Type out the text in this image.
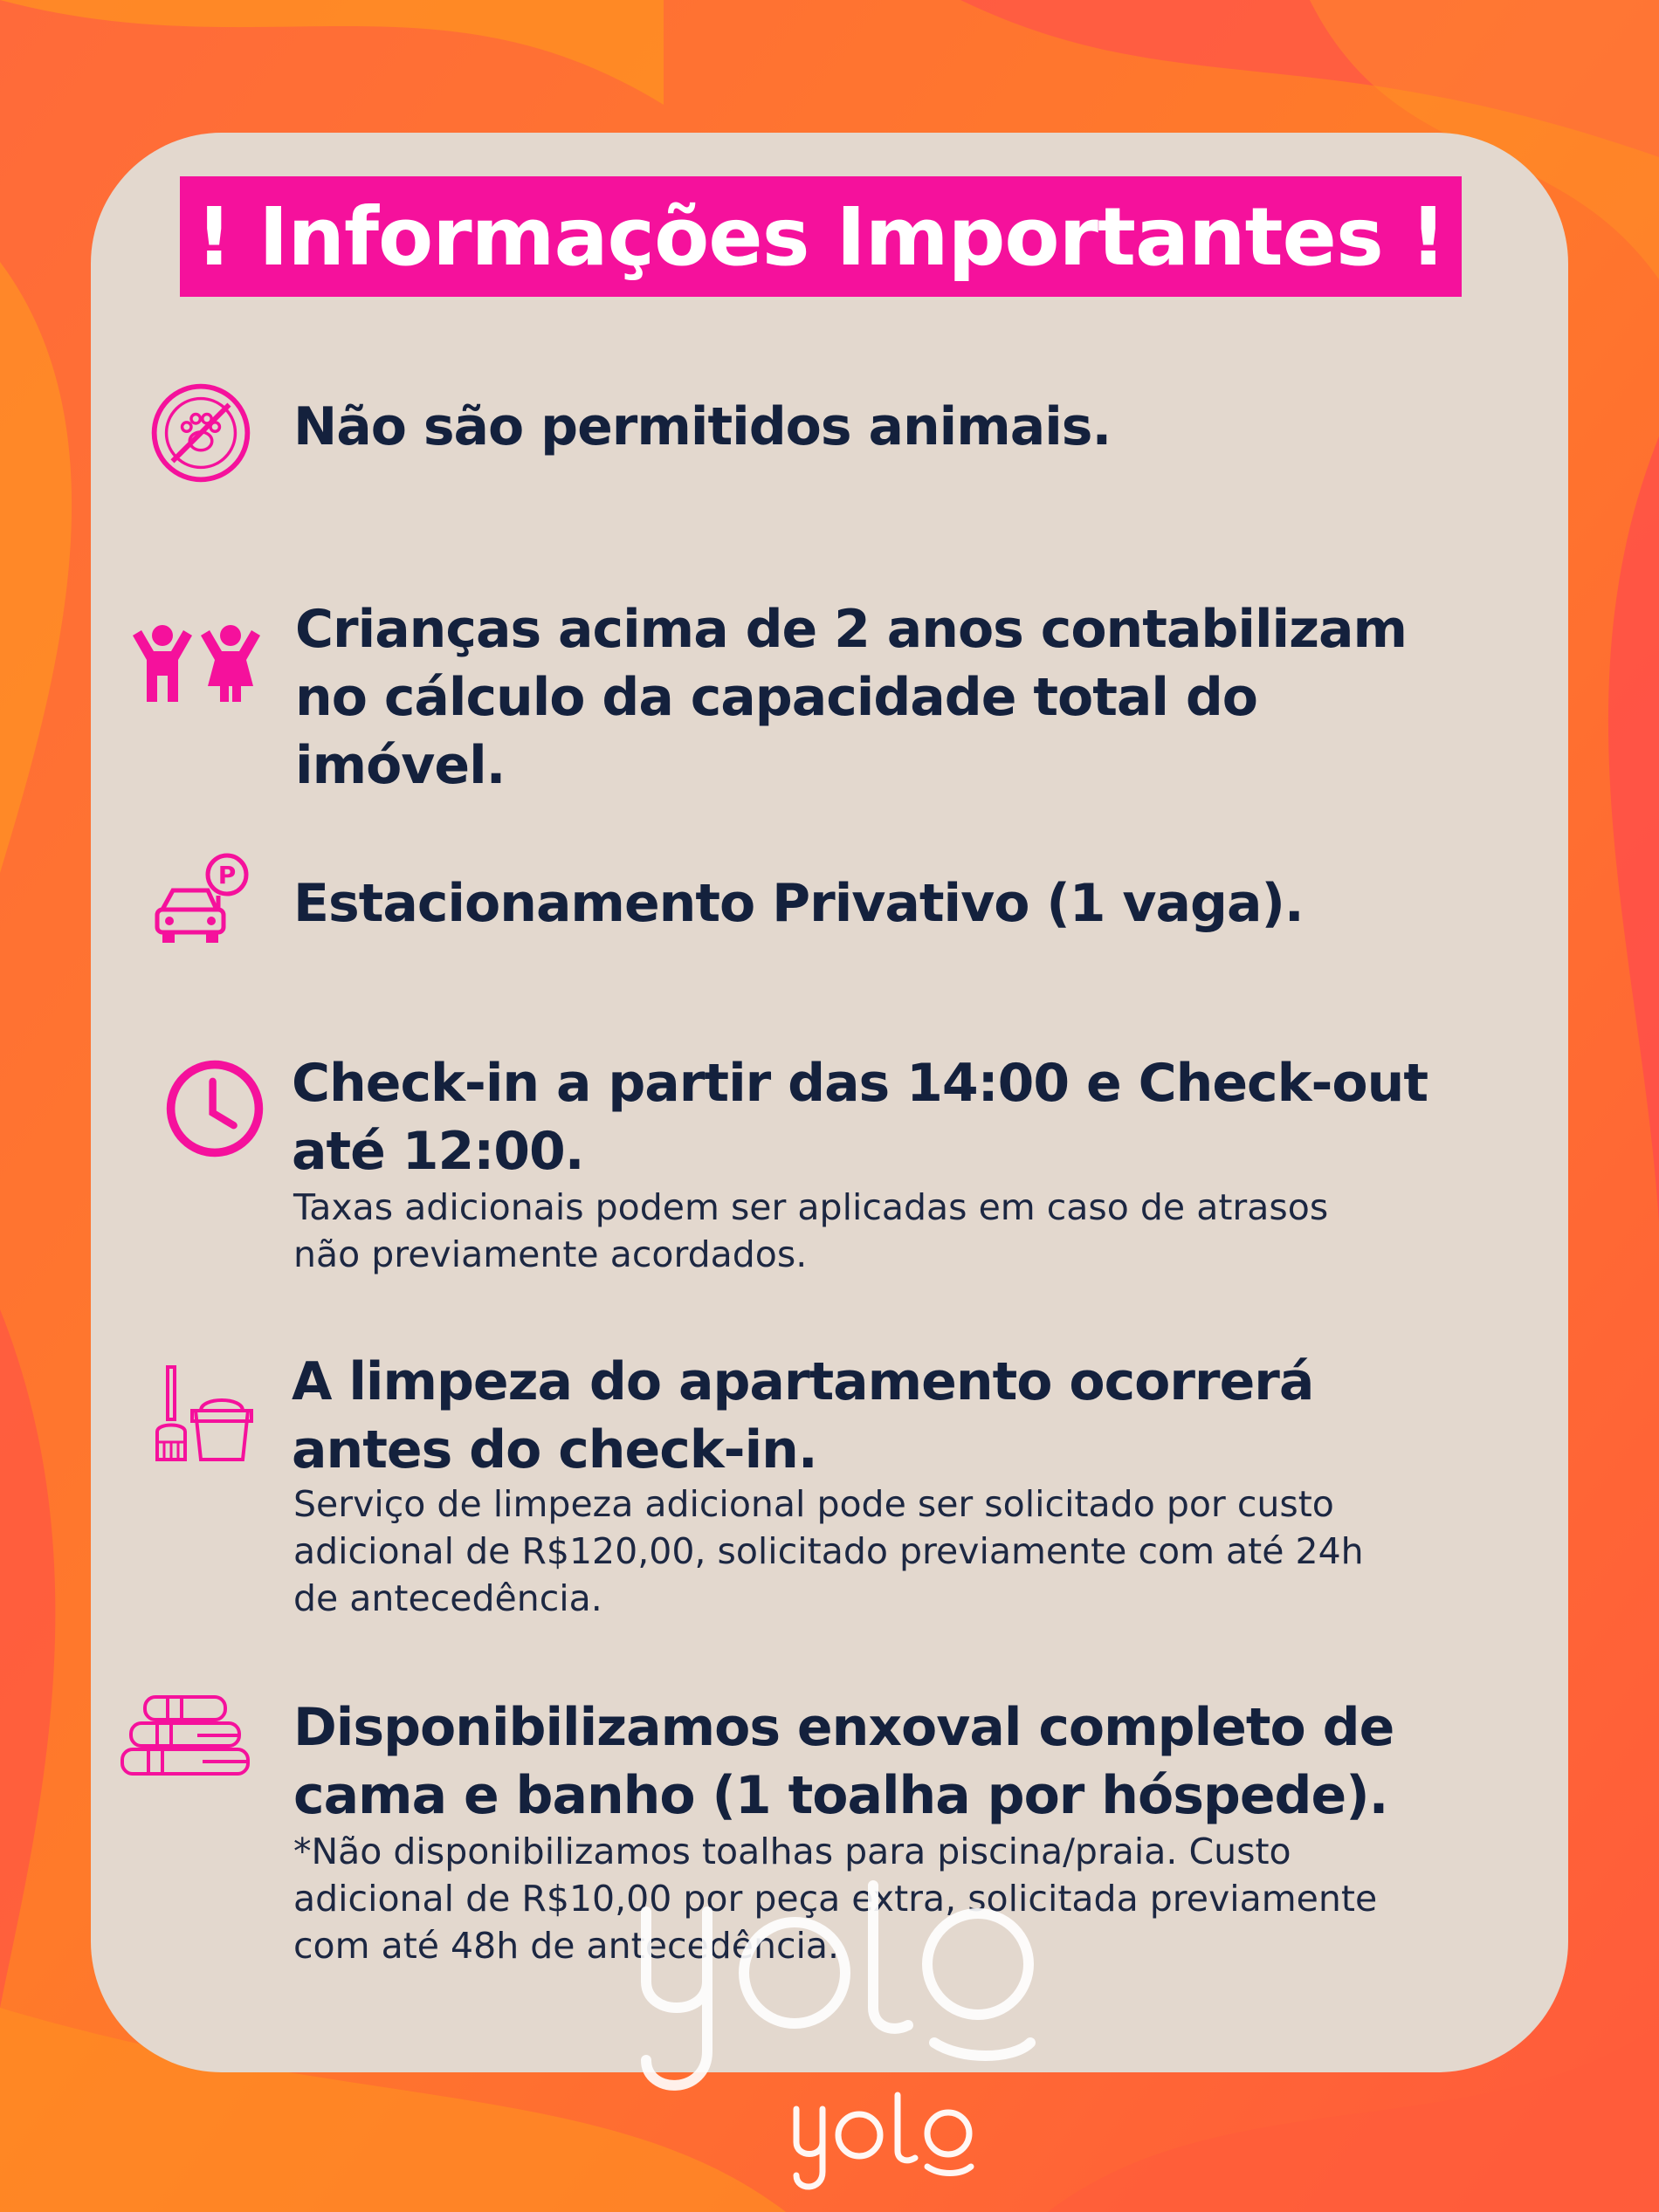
! Informações Importantes !
Não são permitidos animais.
Crianças acima de 2 anos contabilizam
no cálculo da capacidade total do
imóvel.
P Estacionamento Privativo (1 vaga).
Check-in a partir das 14:00 e Check-out
até 12:00.
Taxas adicionais podem ser aplicadas em caso de atrasos
não previamente acordados.
A limpeza do apartamento ocorrerá
antes do check-in.
Serviço de limpeza adicional pode ser solicitado por custo
adicional de R$120,00, solicitado previamente com até 24h
de antecedência.
Disponibilizamos enxoval completo de
cama e banho (1 toalha por hóspede).
*Não disponibilizamos toalhas para piscina/praia. Custo
adicional de R$10,00 por peça extra, solicitada previamente
com até 48h de antecedência.
